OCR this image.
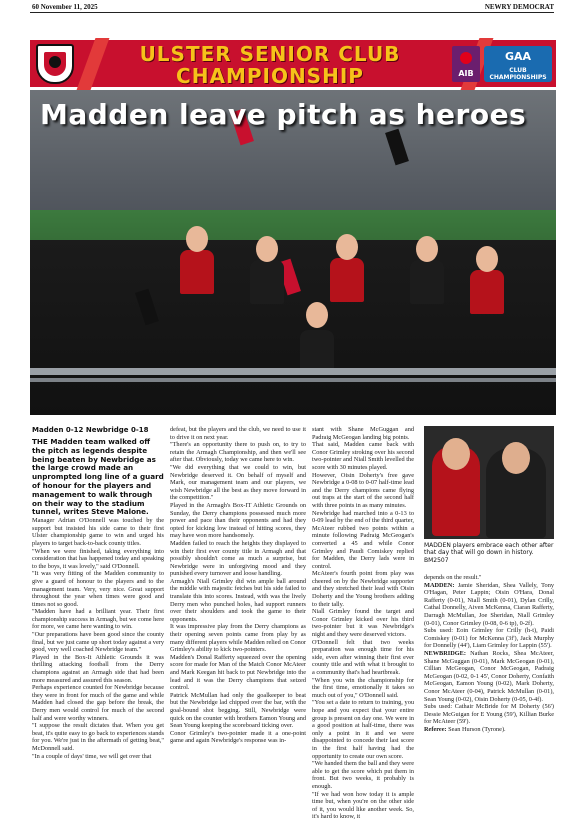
60 November 11, 2025	NEWRY DEMOCRAT
ULSTER SENIOR CLUB
CHAMPIONSHIP	AIB
GAA
CLUB CHAMPIONSHIPS
Madden leave pitch as heroes
Madden 0-12 Newbridge 0-18

THE Madden team walked off the pitch as legends despite being beaten by Newbridge as the large crowd made an unprompted long line of a guard of honour for the players and management to walk through on their way to the stadium tunnel, writes Steve Malone.

Manager Adrian O'Donnell was touched by the support but insisted his side came to their first Ulster championship game to win and urged his players to target back-to-back county titles.

"When we were finished, taking everything into consideration that has happened today and speaking to the boys, it was lovely," said O'Donnell.

"It was very fitting of the Madden community to give a guard of honour to the players and to the management team. Very, very nice. Great support throughout the year when times were good and times not so good.

"Madden have had a brilliant year. Their first championship success in Armagh, but we come here for more, we came here wanting to win.

"Our preparations have been good since the county final, but we just came up short today against a very good, very well coached Newbridge team."

Played in the Box-It Athletic Grounds it was thrilling attacking football from the Derry champions against an Armagh side that had been more measured and assured this season.

Perhaps experience counted for Newbridge because they were in front for much of the game and while Madden had closed the gap before the break, the Derry men would control for much of the second half and were worthy winners.

"I suppose the result dictates that. When you get beat, it's quite easy to go back to experiences stands for you. We're just in the aftermath of getting beat," McDonnell said.

"In a couple of days' time, we will get over that

defeat, but the players and the club, we need to use it to drive it on next year.

"There's an opportunity there to push on, to try to retain the Armagh Championship, and then we'll see after that. Obviously, today we came here to win.

"We did everything that we could to win, but Newbridge deserved it. On behalf of myself and Mark, our management team and our players, we wish Newbridge all the best as they move forward in the competition."

Played in the Armagh's Box-IT Athletic Grounds on Sunday, the Derry champions possessed much more power and pace than their opponents and had they opted for kicking low instead of hitting scores, they may have won more handsomely.

Madden failed to reach the heights they displayed to win their first ever county title in Armagh and that possibly shouldn't come as much a surprise, but Newbridge were in unforgiving mood and they punished every turnover and loose handling.

Armagh's Niall Grimley did win ample ball around the middle with majestic fetches but his side failed to translate this into scores. Instead, with was the lively Derry men who punched holes, had support runners over their shoulders and took the game to their opponents.

It was impressive play from the Derry champions as their opening seven points came from play by as many different players while Madden relied on Conor Grimley's ability to kick two-pointers.

Madden's Donal Rafferty squeezed over the opening score for made for Man of the Match Conor McAteer and Mark Keegan hit back to put Newbridge into the lead and it was the Derry champions that seized control.

Patrick McMullan had only the goalkeeper to beat but the Newbridge lad chipped over the bar, with the goal-bound shot begging. Still, Newbridge were quick on the counter with brothers Eamon Young and Sean Young keeping the scoreboard ticking over.

Conor Grimley's two-pointer made it a one-point game and again Newbridge's response was in-

stant with Shane McGuggan and Padraig McGeogan landing big points.

That said, Madden came back with Conor Grimley stroking over his second two-pointer and Niall Smith levelled the score with 30 minutes played.

However, Oisin Doherty's free gave Newbridge a 0-08 to 0-07 half-time lead and the Derry champions came flying out traps at the start of the second half with three points in as many minutes.

Newbridge had marched into a 0-13 to 0-09 lead by the end of the third quarter, McAteer rubbed two points within a minute following Padraig McGeogan's converted a 45 and while Conor Grimley and Paudi Comiskey replied for Madden, the Derry lads were in control.

McAteer's fourth point from play was cheered on by the Newbridge supporter and they stretched their lead with Oisin Doherty and the Young brothers adding to their tally.

Niall Grimley found the target and Conor Grimley kicked over his third two-pointer but it was Newbridge's night and they were deserved victors.

O'Donnell felt that two weeks preparation was enough time for his side, even after winning their first ever county title and with what it brought to a community that's had heartbreak.

"When you win the championship for the first time, emotionally it takes so much out of you," O'Donnell said.

"You set a date to return to training, you hope and you expect that your entire group is present on day one. We were in a good position at half-time, there was only a point in it and we were disappointed to concede their last score in the first half having had the opportunity to create our own score.

"We handed them the ball and they were able to get the score which put them in front. But two weeks, it probably is enough.

"If we had won how today it is ample time but, when you're on the other side of it, you would like another week. So, it's hard to know, it

MADDEN players embrace each other after that day that will go down in history. BM2507

depends on the result."

MADDEN: Jamie Sheridan, Shea Vallely, Tony O'Hagan, Peter Lappin; Oisin O'Hara, Donal Rafferty (0-01), Niall Smith (0-01), Dylan Crilly, Cathal Donnelly, Aiven McKenna, Ciaran Rafferty, Darragh McMullan, Joe Sheridan, Niall Grimley (0-01), Conor Grimley (0-08, 0-6 tp), 0-2f).

Subs used: Eoin Grimley for Crilly (h-t), Paidi Comiskey (0-01) for McKenna (3f'), Jack Murphy for Donnelly (44'), Liam Grimley for Lappin (55').

NEWBRIDGE: Nathan Rocks, Shea McAteer, Shane McGuggan (0-01), Mark McGeogan (0-01), Cillian McGeogan, Conor McGeogan, Padraig McGeogan (0-02, 0-1 45', Conor Doherty, Confaith McGeogan, Eamon Young (0-02), Mark Doherty, Conor McAteer (0-04), Patrick McMullan (0-01), Sean Young (0-02), Oisin Doherty (0-05, 0-4f).

Subs used: Cathair McBride for M Doherty (56') Dessie McGuigan for E Young (59'), Killian Burke for McAteer (59').

Referee: Sean Hurson (Tyrone).
